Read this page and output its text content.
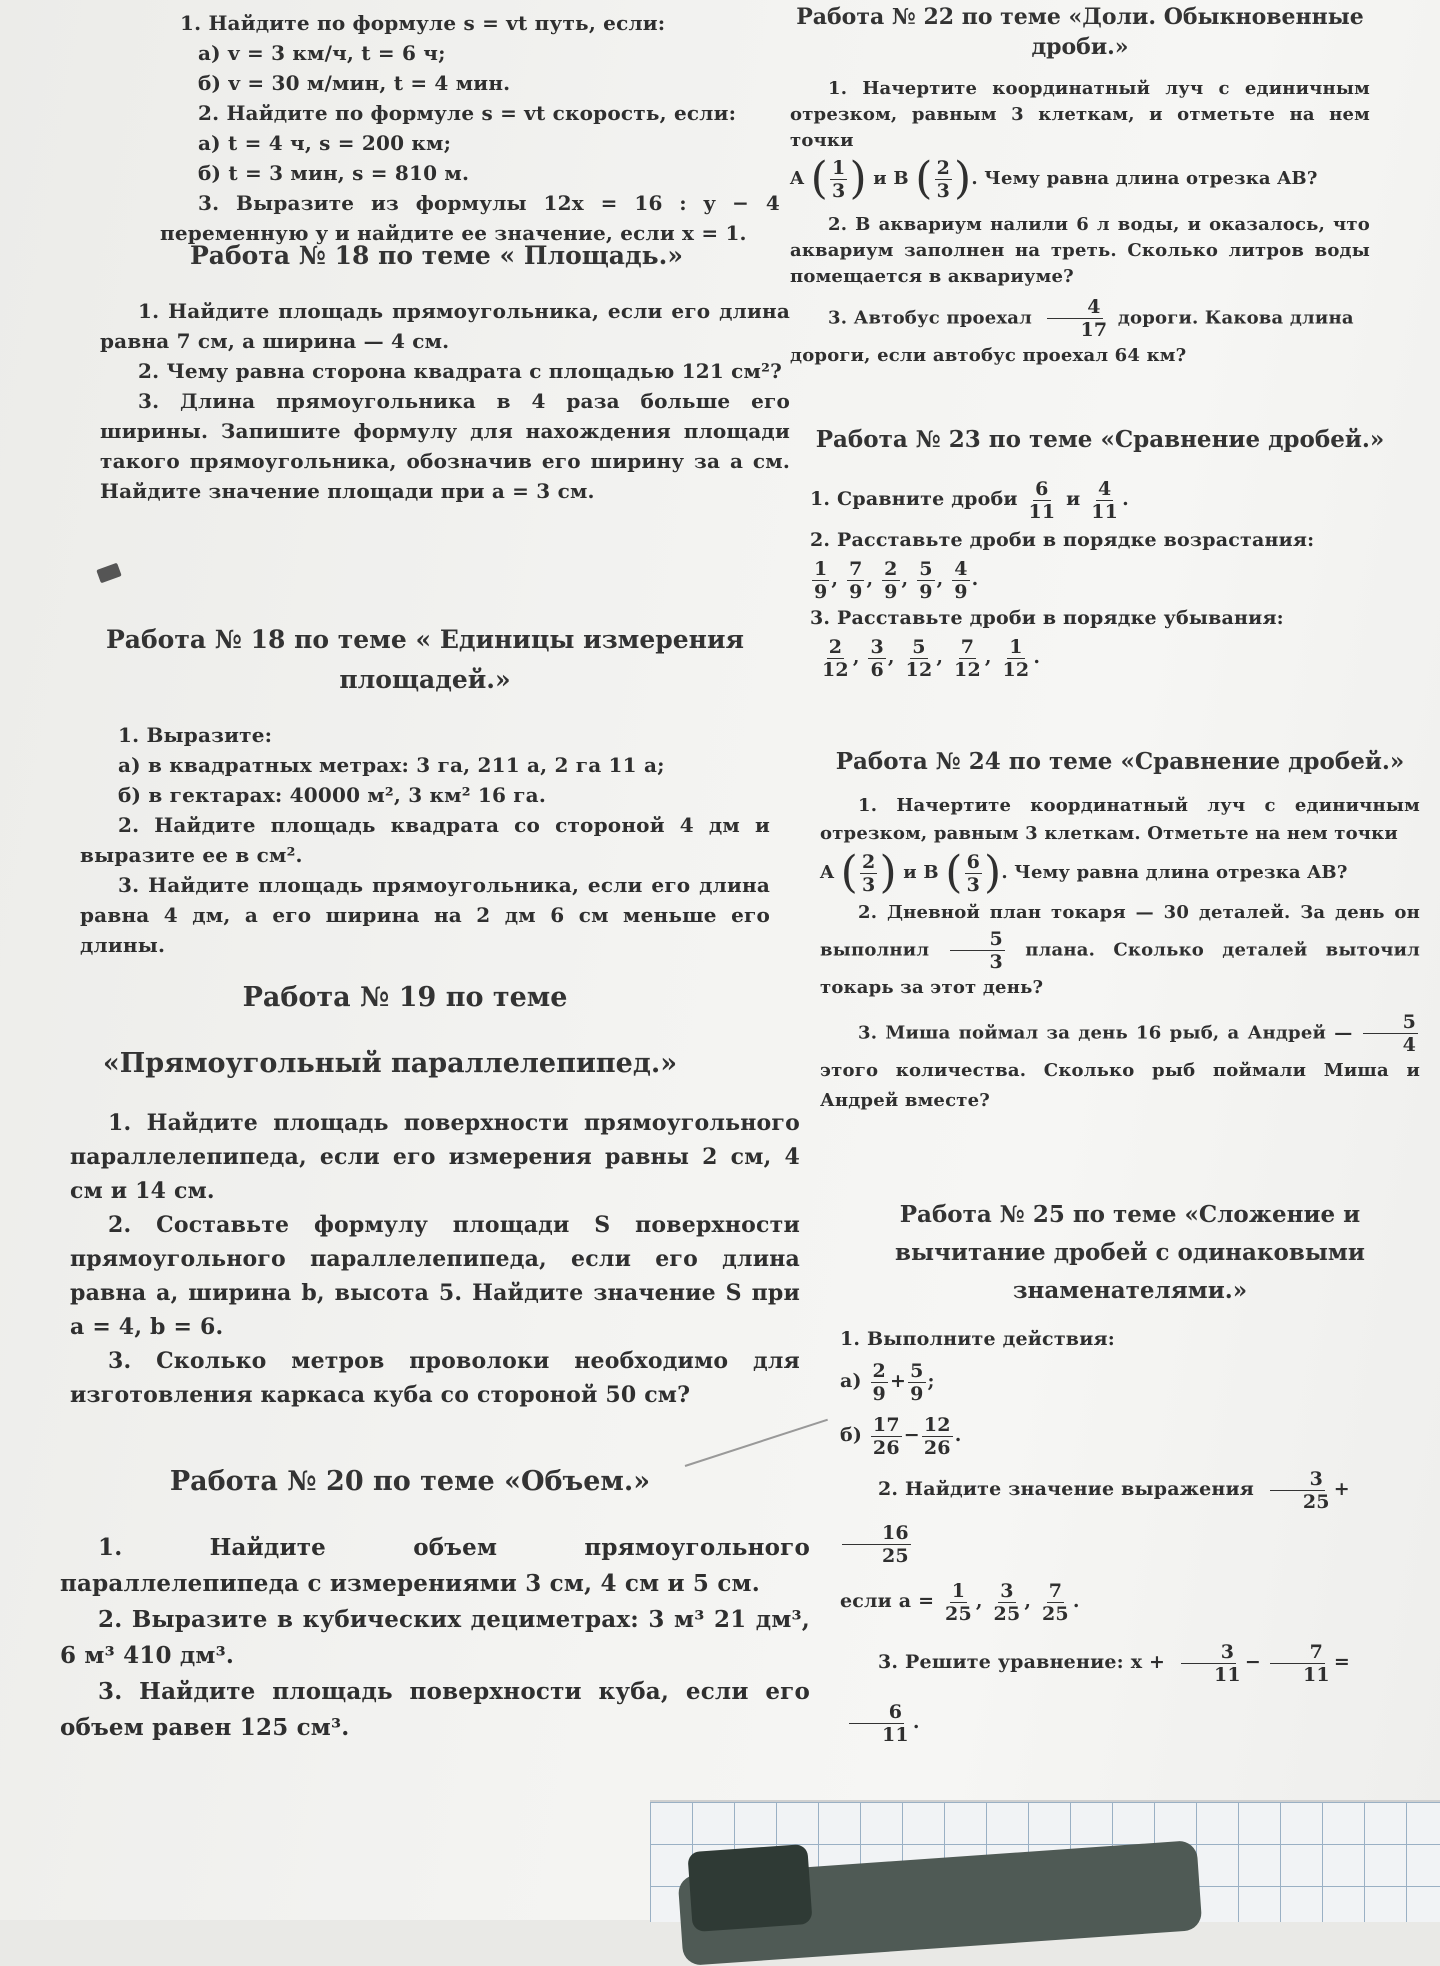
1. Найдите по формуле s = vt путь, если:

а) v = 3 км/ч, t = 6 ч;

б) v = 30 м/мин, t = 4 мин.

2. Найдите по формуле s = vt скорость, если:

а) t = 4 ч, s = 200 км;

б) t = 3 мин, s = 810 м.

3. Выразите из формулы 12x = 16 : y − 4 переменную y и найдите ее значение, если x = 1.

Работа № 18 по теме « Площадь.»

1. Найдите площадь прямоугольника, если его длина равна 7 см, а ширина — 4 см.

2. Чему равна сторона квадрата с площадью 121 см²?

3. Длина прямоугольника в 4 раза больше его ширины. Запишите формулу для нахождения площади такого прямоугольника, обозначив его ширину за a см. Найдите значение площади при a = 3 см.

Работа № 18 по теме « Единицы измерения
площадей.»

1. Выразите:

а) в квадратных метрах: 3 га, 211 а, 2 га 11 а;

б) в гектарах: 40000 м², 3 км² 16 га.

2. Найдите площадь квадрата со стороной 4 дм и выразите ее в см².

3. Найдите площадь прямоугольника, если его длина равна 4 дм, а его ширина на 2 дм 6 см меньше его длины.

Работа № 19 по теме
«Прямоугольный параллелепипед.»

1. Найдите площадь поверхности прямоугольного параллелепипеда, если его измерения равны 2 см, 4 см и 14 см.

2. Составьте формулу площади S поверхности прямоугольного параллелепипеда, если его длина равна a, ширина b, высота 5. Найдите значение S при a = 4, b = 6.

3. Сколько метров проволоки необходимо для изготовления каркаса куба со стороной 50 см?

Работа № 20 по теме «Объем.»

1. Найдите объем прямоугольного параллелепипеда с измерениями 3 см, 4 см и 5 см.

2. Выразите в кубических дециметрах: 3 м³ 21 дм³, 6 м³ 410 дм³.

3. Найдите площадь поверхности куба, если его объем равен 125 см³.

Работа № 22 по теме «Доли. Обыкновенные
дроби.»

1. Начертите координатный луч с единичным отрезком, равным 3 клеткам, и отметьте на нем точки

A ( $\frac{1}{3}$ ) и B ( $\frac{2}{3}$ ). Чему равна длина отрезка AB?

2. В аквариум налили 6 л воды, и оказалось, что аквариум заполнен на треть. Сколько литров воды помещается в аквариуме?

3. Автобус проехал $\frac{4}{17}$ дороги. Какова длина дороги, если автобус проехал 64 км?

Работа № 23 по теме «Сравнение дробей.»

1. Сравните дроби $\frac{6}{11}$ и $\frac{4}{11}$ .

2. Расставьте дроби в порядке возрастания:

$\frac{1}{9}$ , $\frac{7}{9}$ , $\frac{2}{9}$ , $\frac{5}{9}$ , $\frac{4}{9}$ .

3. Расставьте дроби в порядке убывания:

$\frac{2}{12}$ , $\frac{3}{6}$ , $\frac{5}{12}$ , $\frac{7}{12}$ , $\frac{1}{12}$ .

Работа № 24 по теме «Сравнение дробей.»

1. Начертите координатный луч с единичным отрезком, равным 3 клеткам. Отметьте на нем точки

A ( $\frac{2}{3}$ ) и B ( $\frac{6}{3}$ ). Чему равна длина отрезка AB?

2. Дневной план токаря — 30 деталей. За день он выполнил $\frac{5}{3}$ плана. Сколько деталей выточил токарь за этот день?

3. Миша поймал за день 16 рыб, а Андрей — $\frac{5}{4}$
этого количества. Сколько рыб поймали Миша и Андрей вместе?

Работа № 25 по теме «Сложение и
вычитание дробей с одинаковыми
знаменателями.»

1. Выполните действия:

$а) \frac{2}{9} + \frac{5}{9}$ ;

$б) \frac{17}{26} - \frac{12}{26}$ .

2. Найдите значение выражения $\frac{3}{25}$ +
$\frac{16}{25}$

если $a = \frac{1}{25}$ , $\frac{3}{25}$ , $\frac{7}{25}$ .

3. Решите уравнение: $x + \frac{3}{11} - \frac{7}{11}$ =
$\frac{6}{11}$ .
